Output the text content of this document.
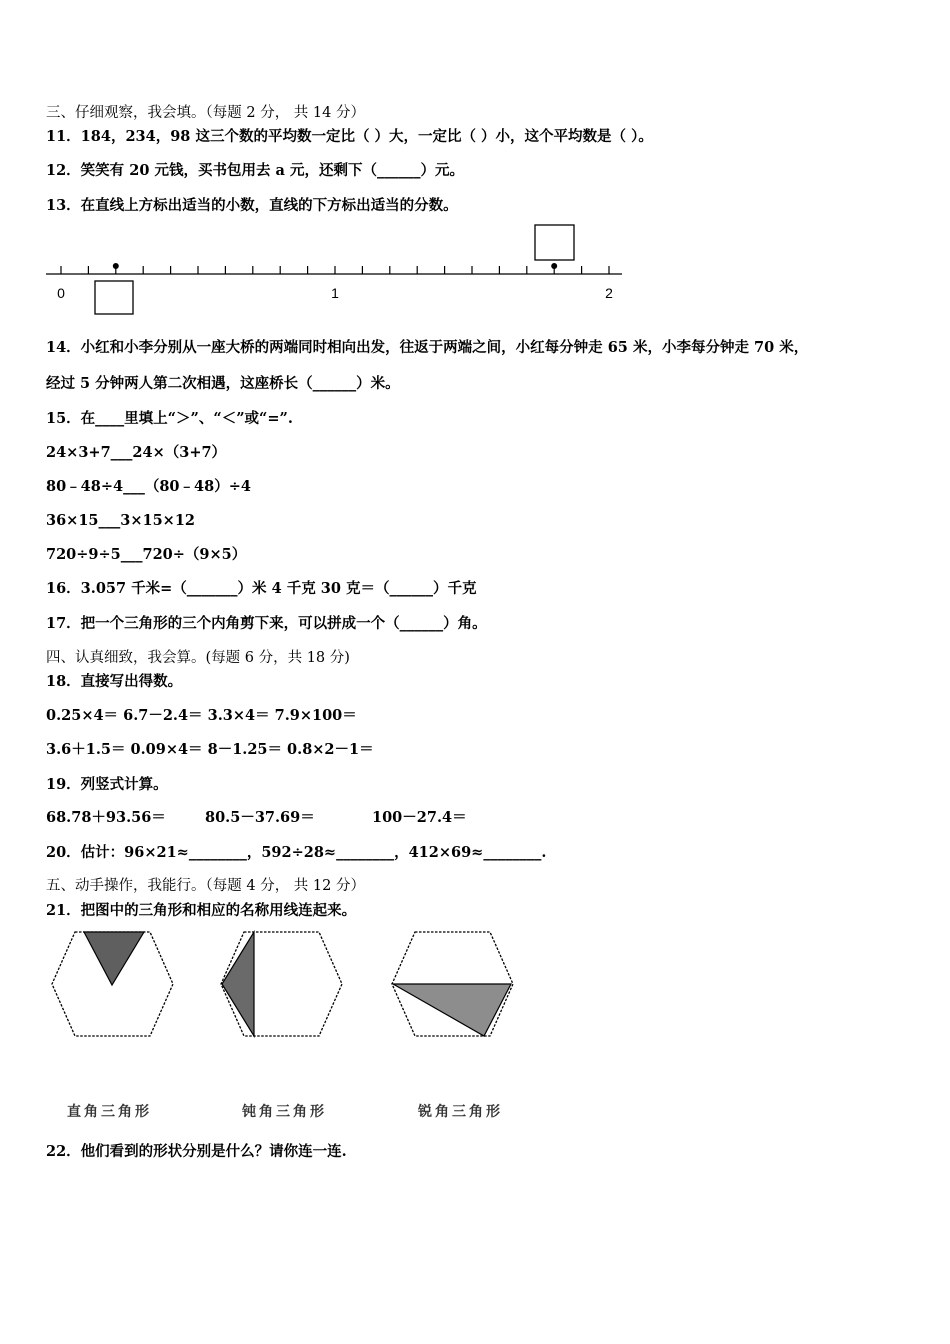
三、仔细观察，我会填。（每题 2 分， 共 14 分）
11．184，234，98 这三个数的平均数一定比（ ）大，一定比（ ）小，这个平均数是（ ）。
12．笑笑有 20 元钱，买书包用去 a 元，还剩下（______）元。
13．在直线上方标出适当的小数，直线的下方标出适当的分数。
0	1	2
14．小红和小李分别从一座大桥的两端同时相向出发，往返于两端之间，小红每分钟走 65 米，小李每分钟走 70 米，
经过 5 分钟两人第二次相遇，这座桥长（______）米。
15．在____里填上“＞”、“＜”或“=”.
24×3+7___24×（3+7）
80﹣48÷4___（80﹣48）÷4
36×15___3×15×12
720÷9÷5___720÷（9×5）
16．3.057 千米=（_______）米 4 千克 30 克＝（______）千克
17．把一个三角形的三个内角剪下来，可以拼成一个（______）角。
四、认真细致，我会算。(每题 6 分，共 18 分)
18．直接写出得数。
0.25×4＝ 6.7－2.4＝ 3.3×4＝ 7.9×100＝
3.6＋1.5＝ 0.09×4＝ 8－1.25＝ 0.8×2－1＝
19．列竖式计算。
68.78＋93.56＝	80.5－37.69＝	100－27.4＝
20．估计：96×21≈________，592÷28≈________，412×69≈________.
五、动手操作，我能行。（每题 4 分， 共 12 分）
21．把图中的三角形和相应的名称用线连起来。
直角三角形	钝角三角形	锐角三角形
22．他们看到的形状分别是什么？请你连一连.
